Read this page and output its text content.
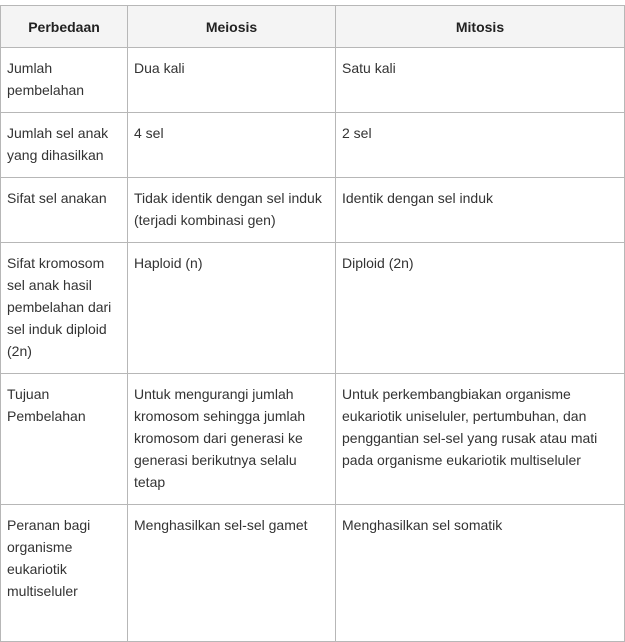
Perbedaan	Meiosis	Mitosis
Jumlah pembelahan	Dua kali	Satu kali
Jumlah sel anak yang dihasilkan	4 sel	2 sel
Sifat sel anakan	Tidak identik dengan sel induk (terjadi kombinasi gen)	Identik dengan sel induk
Sifat kromosom sel anak hasil pembelahan dari sel induk diploid (2n)	Haploid (n)	Diploid (2n)
Tujuan Pembelahan	Untuk mengurangi jumlah kromosom sehingga jumlah kromosom dari generasi ke generasi berikutnya selalu tetap	Untuk perkembangbiakan organisme eukariotik uniseluler, pertumbuhan, dan penggantian sel-sel yang rusak atau mati pada organisme eukariotik multiseluler
Peranan bagi organisme eukariotik multiseluler	Menghasilkan sel-sel gamet	Menghasilkan sel somatik
